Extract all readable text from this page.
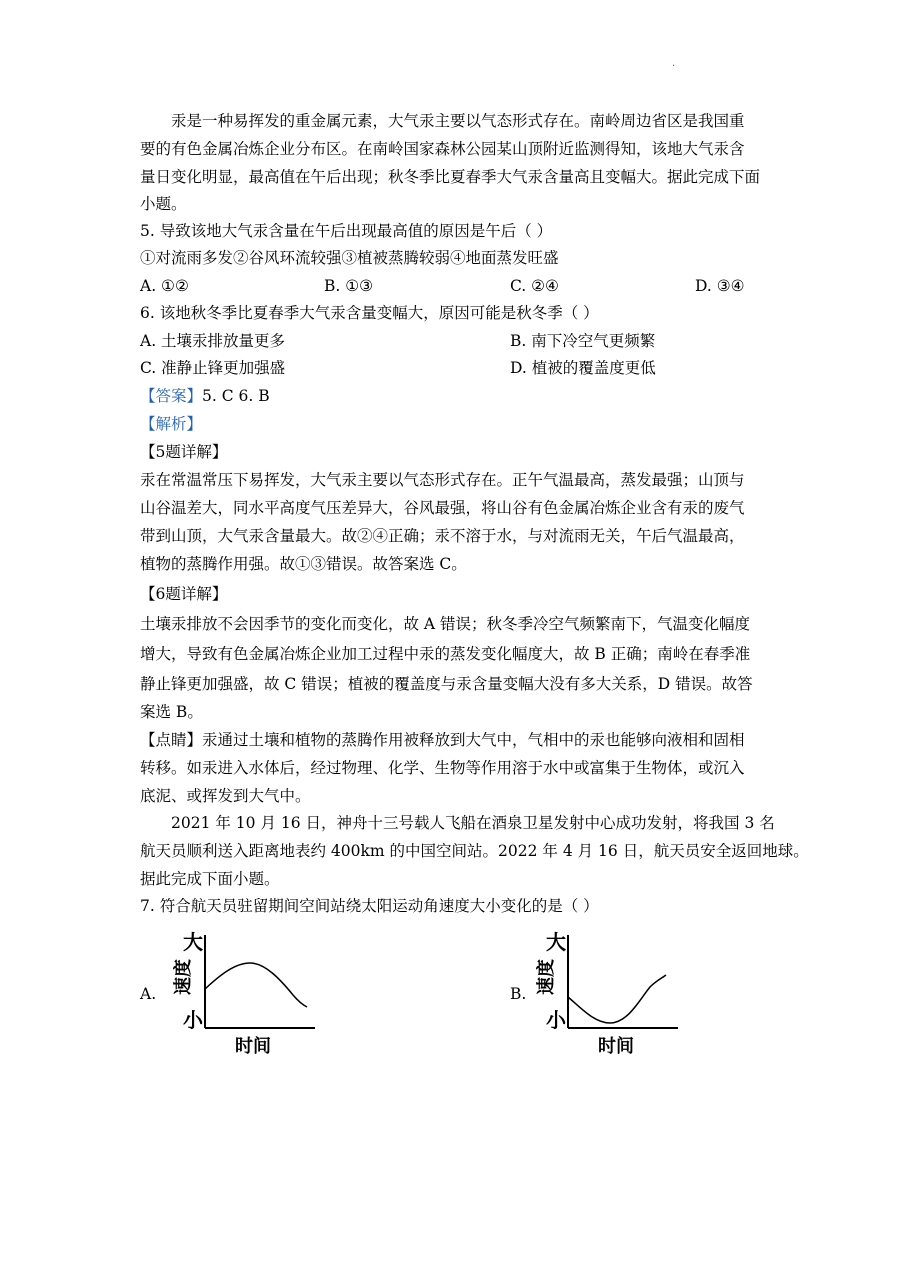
.
汞是一种易挥发的重金属元素，大气汞主要以气态形式存在。南岭周边省区是我国重
要的有色金属冶炼企业分布区。在南岭国家森林公园某山顶附近监测得知，该地大气汞含
量日变化明显，最高值在午后出现；秋冬季比夏春季大气汞含量高且变幅大。据此完成下面
小题。
5. 导致该地大气汞含量在午后出现最高值的原因是午后（ ）
①对流雨多发②谷风环流较强③植被蒸腾较弱④地面蒸发旺盛
A. ①②	B. ①③	C. ②④	D. ③④
6. 该地秋冬季比夏春季大气汞含量变幅大，原因可能是秋冬季（ ）
A. 土壤汞排放量更多	B. 南下冷空气更频繁
C. 准静止锋更加强盛	D. 植被的覆盖度更低
【答案】5. C 6. B
【解析】
【5题详解】
汞在常温常压下易挥发，大气汞主要以气态形式存在。正午气温最高，蒸发最强；山顶与
山谷温差大，同水平高度气压差异大，谷风最强，将山谷有色金属冶炼企业含有汞的废气
带到山顶，大气汞含量最大。故②④正确；汞不溶于水，与对流雨无关，午后气温最高，
植物的蒸腾作用强。故①③错误。故答案选 C。
【6题详解】
土壤汞排放不会因季节的变化而变化，故 A 错误；秋冬季冷空气频繁南下，气温变化幅度
增大，导致有色金属冶炼企业加工过程中汞的蒸发变化幅度大，故 B 正确；南岭在春季准
静止锋更加强盛，故 C 错误；植被的覆盖度与汞含量变幅大没有多大关系，D 错误。故答
案选 B。
【点睛】汞通过土壤和植物的蒸腾作用被释放到大气中，气相中的汞也能够向液相和固相
转移。如汞进入水体后，经过物理、化学、生物等作用溶于水中或富集于生物体，或沉入
底泥、或挥发到大气中。
2021 年 10 月 16 日，神舟十三号载人飞船在酒泉卫星发射中心成功发射，将我国 3 名
航天员顺利送入距离地表约 400km 的中国空间站。2022 年 4 月 16 日，航天员安全返回地球。
据此完成下面小题。
7. 符合航天员驻留期间空间站绕太阳运动角速度大小变化的是（ ）
A.
大
小
速度
时间
B.
大
小
速度
时间
